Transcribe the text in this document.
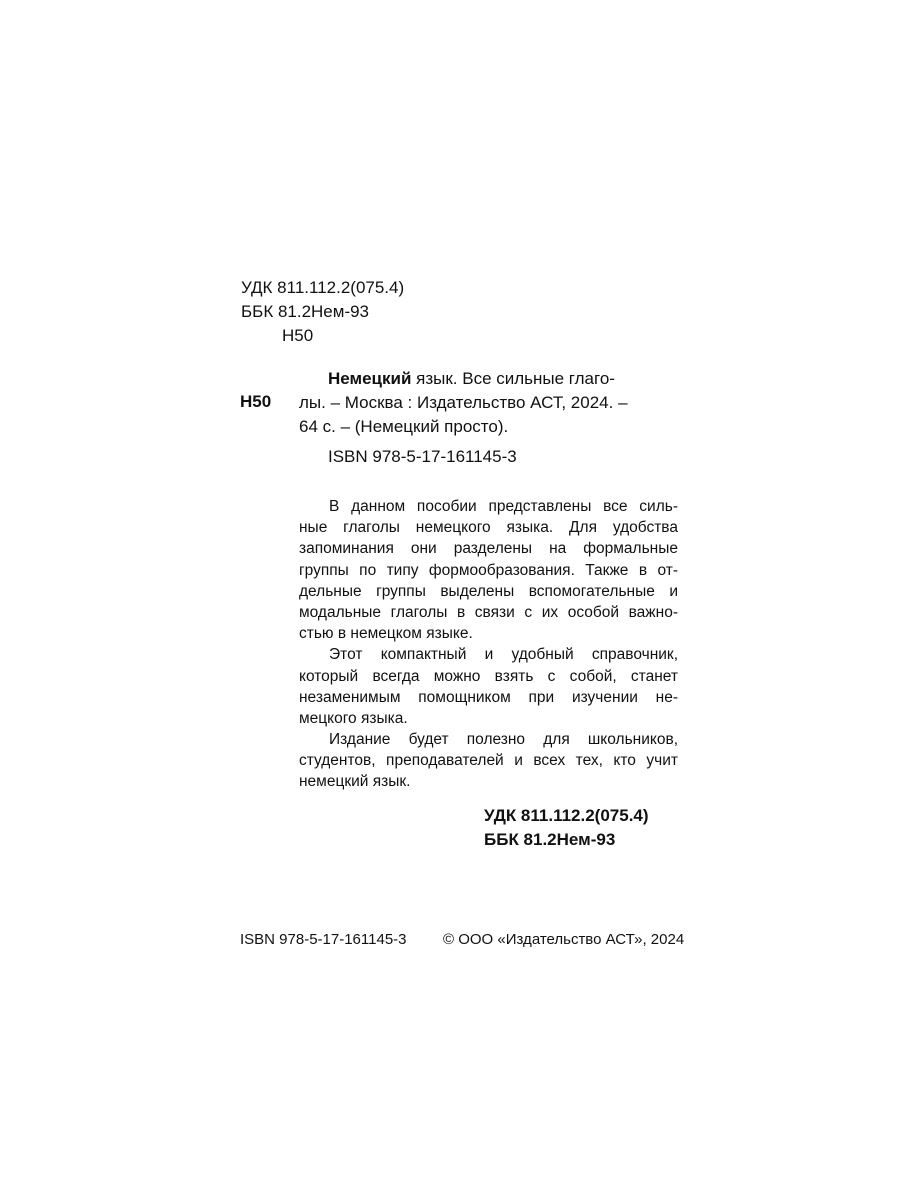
УДК 811.112.2(075.4)
ББК 81.2Нем-93
Н50
Н50
Немецкий язык. Все сильные глаго-
лы. – Москва : Издательство АСТ, 2024. –
64 с. – (Немецкий просто).
ISBN 978-5-17-161145-3
В данном пособии представлены все силь-
ные глаголы немецкого языка. Для удобства
запоминания они разделены на формальные
группы по типу формообразования. Также в от-
дельные группы выделены вспомогательные и
модальные глаголы в связи с их особой важно-
стью в немецком языке.
Этот компактный и удобный справочник,
который всегда можно взять с собой, станет
незаменимым помощником при изучении не-
мецкого языка.
Издание будет полезно для школьников,
студентов, преподавателей и всех тех, кто учит
немецкий язык.
УДК 811.112.2(075.4)
ББК 81.2Нем-93
ISBN 978-5-17-161145-3 © ООО «Издательство АСТ», 2024
